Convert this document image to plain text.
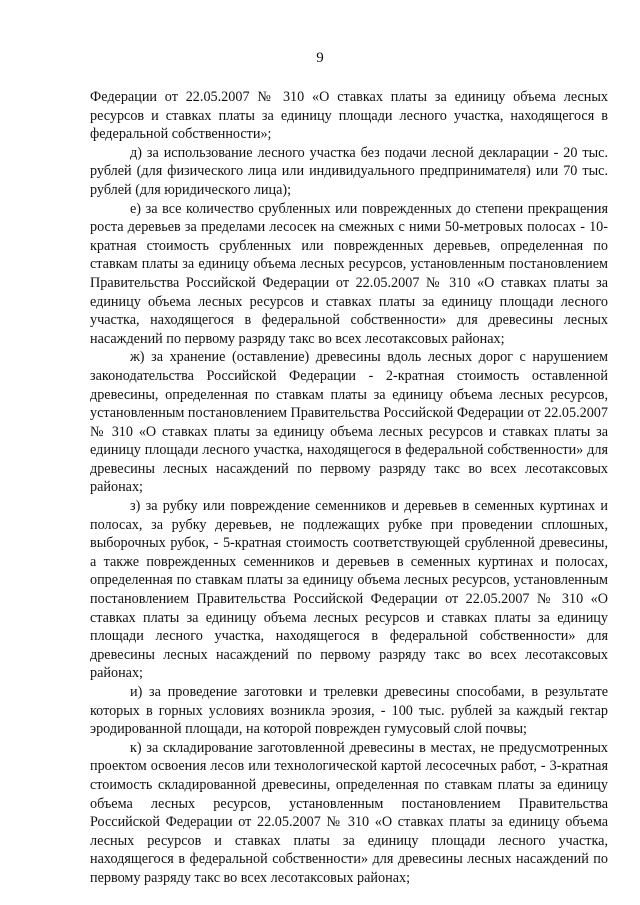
9

Федерации от 22.05.2007 № 310 «О ставках платы за единицу объема лесных ресурсов и ставках платы за единицу площади лесного участка, находящегося в федеральной собственности»;

д) за использование лесного участка без подачи лесной декларации - 20 тыс. рублей (для физического лица или индивидуального предпринимателя) или 70 тыс. рублей (для юридического лица);

е) за все количество срубленных или поврежденных до степени прекращения роста деревьев за пределами лесосек на смежных с ними 50-метровых полосах - 10-кратная стоимость срубленных или поврежденных деревьев, определенная по ставкам платы за единицу объема лесных ресурсов, установленным постановлением Правительства Российской Федерации от 22.05.2007 № 310 «О ставках платы за единицу объема лесных ресурсов и ставках платы за единицу площади лесного участка, находящегося в федеральной собственности» для древесины лесных насаждений по первому разряду такс во всех лесотаксовых районах;

ж) за хранение (оставление) древесины вдоль лесных дорог с нарушением законодательства Российской Федерации - 2-кратная стоимость оставленной древесины, определенная по ставкам платы за единицу объема лесных ресурсов, установленным постановлением Правительства Российской Федерации от 22.05.2007 № 310 «О ставках платы за единицу объема лесных ресурсов и ставках платы за единицу площади лесного участка, находящегося в федеральной собственности» для древесины лесных насаждений по первому разряду такс во всех лесотаксовых районах;

з) за рубку или повреждение семенников и деревьев в семенных куртинах и полосах, за рубку деревьев, не подлежащих рубке при проведении сплошных, выборочных рубок, - 5-кратная стоимость соответствующей срубленной древесины, а также поврежденных семенников и деревьев в семенных куртинах и полосах, определенная по ставкам платы за единицу объема лесных ресурсов, установленным постановлением Правительства Российской Федерации от 22.05.2007 № 310 «О ставках платы за единицу объема лесных ресурсов и ставках платы за единицу площади лесного участка, находящегося в федеральной собственности» для древесины лесных насаждений по первому разряду такс во всех лесотаксовых районах;

и) за проведение заготовки и трелевки древесины способами, в результате которых в горных условиях возникла эрозия, - 100 тыс. рублей за каждый гектар эродированной площади, на которой поврежден гумусовый слой почвы;

к) за складирование заготовленной древесины в местах, не предусмотренных проектом освоения лесов или технологической картой лесосечных работ, - 3-кратная стоимость складированной древесины, определенная по ставкам платы за единицу объема лесных ресурсов, установленным постановлением Правительства Российской Федерации от 22.05.2007 № 310 «О ставках платы за единицу объема лесных ресурсов и ставках платы за единицу площади лесного участка, находящегося в федеральной собственности» для древесины лесных насаждений по первому разряду такс во всех лесотаксовых районах;
